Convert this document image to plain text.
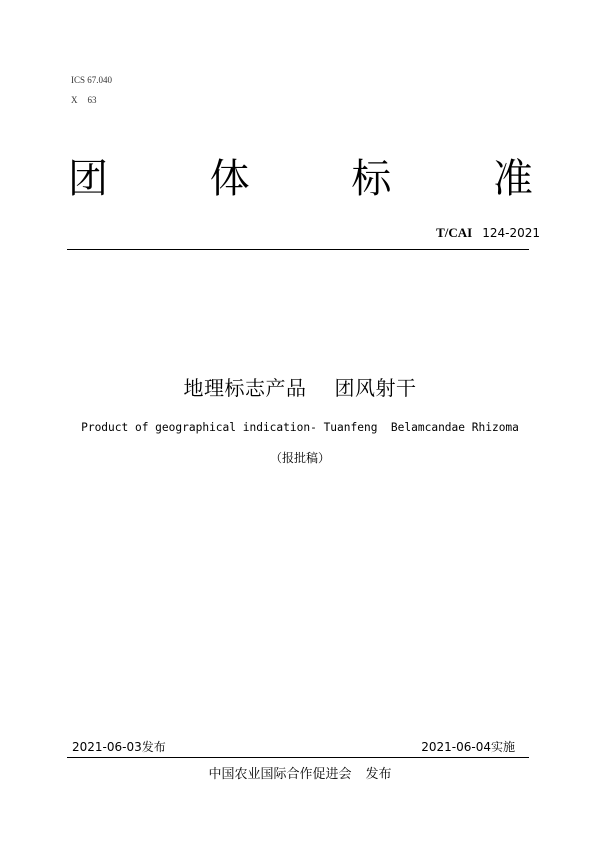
ICS 67.040
X 63
团	体	标	准
T/CAI 124-2021
地理标志产品 团风射干
Product of geographical indication- Tuanfeng  Belamcandae Rhizoma
（报批稿）
2021-06-03发布	2021-06-04实施
中国农业国际合作促进会 发布
